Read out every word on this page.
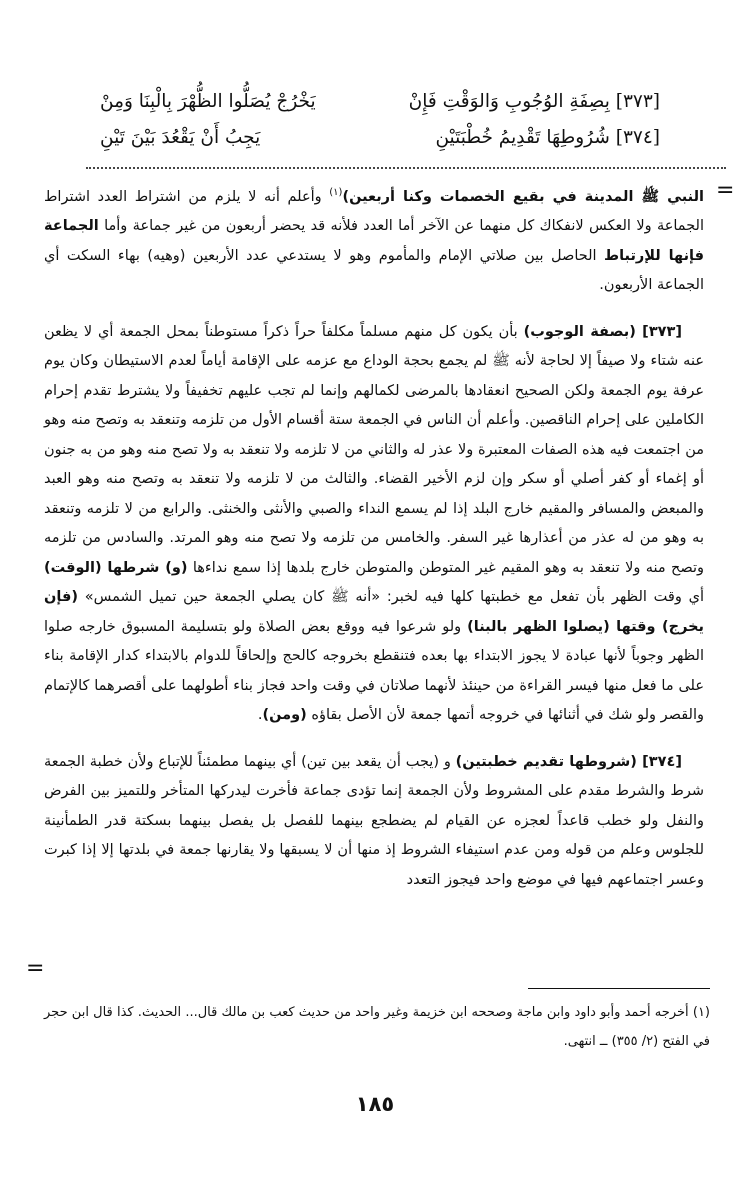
[٣٧٣] بِصِفَةِ الوُجُوبِ وَالوَقْتِ فَإِنْ
يَخْرُجْ يُصَلُّوا الظُّهْرَ بِالْبِنَا وَمِنْ
[٣٧٤] شُرُوطِهَا تَقْدِيمُ خُطْبَتَيْنِ
يَجِبُ أَنْ يَقْعُدَ بَيْنَ تَيْنِ
=

النبي ﷺ المدينة في بقيع الخصمات وكنا أربعين)$^{(١)}$ وأعلم أنه لا يلزم من اشتراط العدد اشتراط الجماعة ولا العكس لانفكاك كل منهما عن الآخر أما العدد فلأنه قد يحضر أربعون من غير جماعة وأما الجماعة فإنها للإرتباط الحاصل بين صلاتي الإمام والمأموم وهو لا يستدعي عدد الأربعين (وهيه) بهاء السكت أي الجماعة الأربعون.

[٣٧٣] (بصفة الوجوب) بأن يكون كل منهم مسلماً مكلفاً حراً ذكراً مستوطناً بمحل الجمعة أي لا يظعن عنه شتاء ولا صيفاً إلا لحاجة لأنه ﷺ لم يجمع بحجة الوداع مع عزمه على الإقامة أياماً لعدم الاستيطان وكان يوم عرفة يوم الجمعة ولكن الصحيح انعقادها بالمرضى لكمالهم وإنما لم تجب عليهم تخفيفاً ولا يشترط تقدم إحرام الكاملين على إحرام الناقصين. وأعلم أن الناس في الجمعة ستة أقسام الأول من تلزمه وتنعقد به وتصح منه وهو من اجتمعت فيه هذه الصفات المعتبرة ولا عذر له والثاني من لا تلزمه ولا تنعقد به ولا تصح منه وهو من به جنون أو إغماء أو كفر أصلي أو سكر وإن لزم الأخير القضاء. والثالث من لا تلزمه ولا تنعقد به وتصح منه وهو العبد والمبعض والمسافر والمقيم خارج البلد إذا لم يسمع النداء والصبي والأنثى والخنثى. والرابع من لا تلزمه وتنعقد به وهو من له عذر من أعذارها غير السفر. والخامس من تلزمه ولا تصح منه وهو المرتد. والسادس من تلزمه وتصح منه ولا تنعقد به وهو المقيم غير المتوطن والمتوطن خارج بلدها إذا سمع نداءها (و) شرطها (الوقت) أي وقت الظهر بأن تفعل مع خطبتها كلها فيه لخبر: «أنه ﷺ كان يصلي الجمعة حين تميل الشمس» (فإن يخرج) وقتها (يصلوا الظهر بالبنا) ولو شرعوا فيه ووقع بعض الصلاة ولو بتسليمة المسبوق خارجه صلوا الظهر وجوباً لأنها عبادة لا يجوز الابتداء بها بعده فتنقطع بخروجه كالحج وإلحاقاً للدوام بالابتداء كدار الإقامة بناء على ما فعل منها فيسر القراءة من حينئذ لأنهما صلاتان في وقت واحد فجاز بناء أطولهما على أقصرهما كالإتمام والقصر ولو شك في أثنائها في خروجه أتمها جمعة لأن الأصل بقاؤه (ومن).

[٣٧٤] (شروطها تقديم خطبتين) و (يجب أن يقعد بين تين) أي بينهما مطمئناً للإتباع ولأن خطبة الجمعة شرط والشرط مقدم على المشروط ولأن الجمعة إنما تؤدى جماعة فأخرت ليدركها المتأخر وللتميز بين الفرض والنفل ولو خطب قاعداً لعجزه عن القيام لم يضطجع بينهما للفصل بل يفصل بينهما بسكتة قدر الطمأنينة للجلوس وعلم من قوله ومن عدم استيفاء الشروط إذ منها أن لا يسبقها ولا يقارنها جمعة في بلدتها إلا إذا كبرت وعسر اجتماعهم فيها في موضع واحد فيجوز التعدد

=
(١) أخرجه أحمد وأبو داود وابن ماجة وصححه ابن خزيمة وغير واحد من حديث كعب بن مالك قال... الحديث. كذا قال ابن حجر في الفتح (٢/ ٣٥٥) ــ انتهى.
١٨٥
